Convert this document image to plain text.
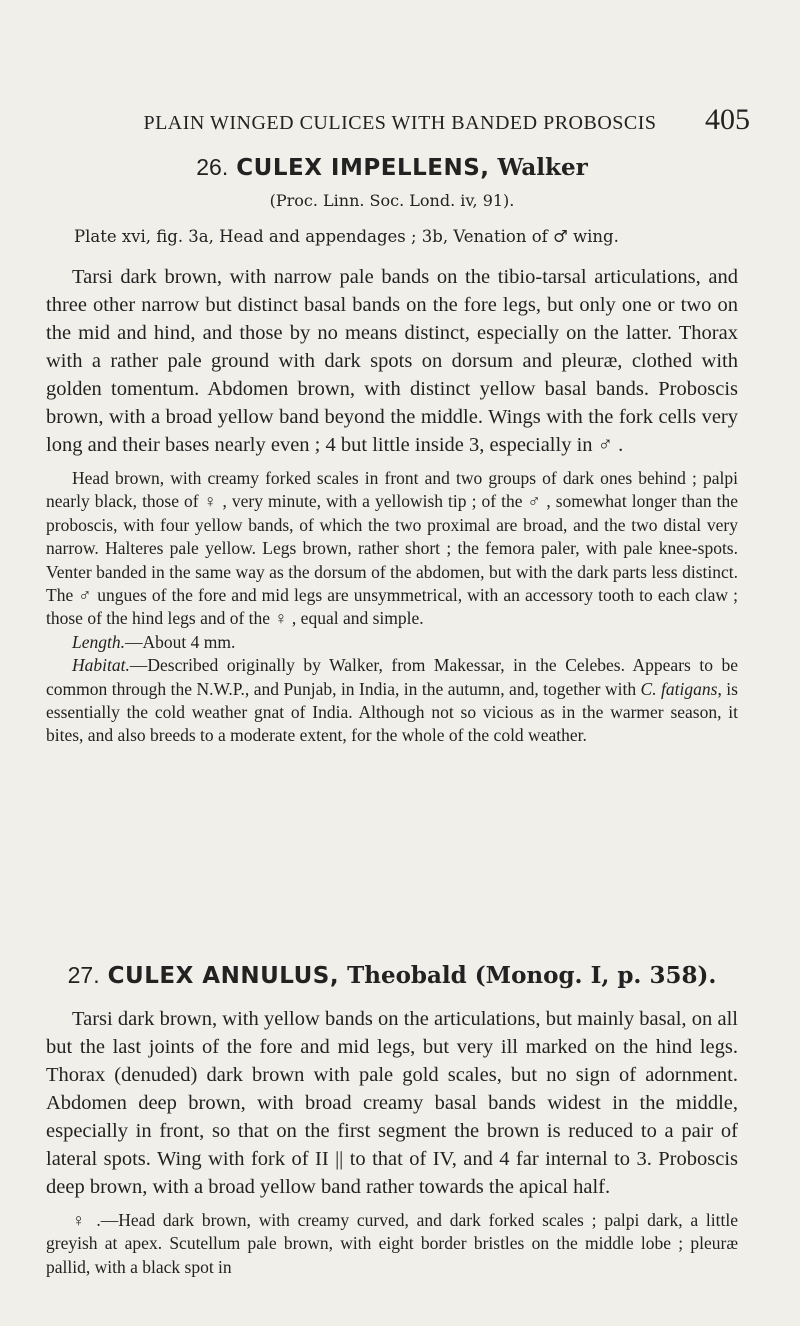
PLAIN WINGED CULICES WITH BANDED PROBOSCIS	405
26. CULEX IMPELLENS, Walker

(Proc. Linn. Soc. Lond. iv, 91).

Plate xvi, fig. 3a, Head and appendages ; 3b, Venation of ♂ wing.

Tarsi dark brown, with narrow pale bands on the tibio-tarsal articulations, and three other narrow but distinct basal bands on the fore legs, but only one or two on the mid and hind, and those by no means distinct, especially on the latter. Thorax with a rather pale ground with dark spots on dorsum and pleuræ, clothed with golden tomentum. Abdomen brown, with distinct yellow basal bands. Proboscis brown, with a broad yellow band beyond the middle. Wings with the fork cells very long and their bases nearly even ; 4 but little inside 3, especially in ♂ .

Head brown, with creamy forked scales in front and two groups of dark ones behind ; palpi nearly black, those of ♀ , very minute, with a yellowish tip ; of the ♂ , somewhat longer than the proboscis, with four yellow bands, of which the two proximal are broad, and the two distal very narrow. Halteres pale yellow. Legs brown, rather short ; the femora paler, with pale knee-spots. Venter banded in the same way as the dorsum of the abdomen, but with the dark parts less distinct. The ♂ ungues of the fore and mid legs are unsymmetrical, with an accessory tooth to each claw ; those of the hind legs and of the ♀ , equal and simple.

Length.—About 4 mm.

Habitat.—Described originally by Walker, from Makessar, in the Celebes. Appears to be common through the N.W.P., and Punjab, in India, in the autumn, and, together with C. fatigans, is essentially the cold weather gnat of India. Although not so vicious as in the warmer season, it bites, and also breeds to a moderate extent, for the whole of the cold weather.

27. CULEX ANNULUS, Theobald (Monog. I, p. 358).

Tarsi dark brown, with yellow bands on the articulations, but mainly basal, on all but the last joints of the fore and mid legs, but very ill marked on the hind legs. Thorax (denuded) dark brown with pale gold scales, but no sign of adornment. Abdomen deep brown, with broad creamy basal bands widest in the middle, especially in front, so that on the first segment the brown is reduced to a pair of lateral spots. Wing with fork of II || to that of IV, and 4 far internal to 3. Proboscis deep brown, with a broad yellow band rather towards the apical half.

♀ .—Head dark brown, with creamy curved, and dark forked scales ; palpi dark, a little greyish at apex. Scutellum pale brown, with eight border bristles on the middle lobe ; pleuræ pallid, with a black spot in
